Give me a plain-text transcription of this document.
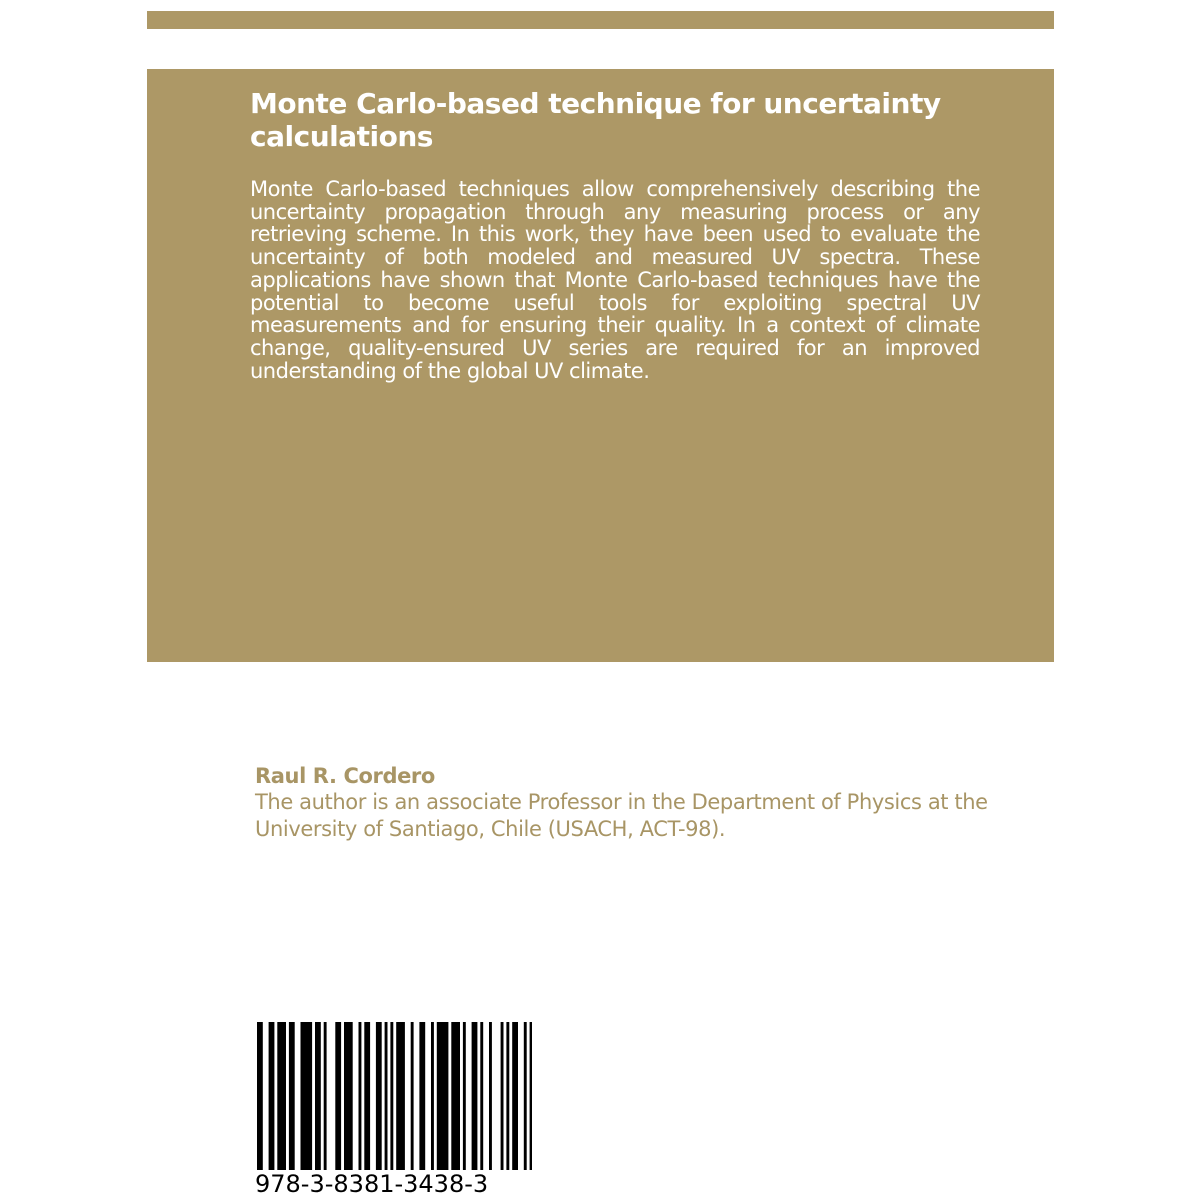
Monte Carlo-based technique for uncertainty calculations

Monte Carlo-based techniques allow comprehensively describing the uncertainty propagation through any measuring process or any retrieving scheme. In this work, they have been used to evaluate the uncertainty of both modeled and measured UV spectra. These applications have shown that Monte Carlo-based techniques have the potential to become useful tools for exploiting spectral UV measurements and for ensuring their quality. In a context of climate change, quality-ensured UV series are required for an improved understanding of the global UV climate.

Raul R. Cordero

The author is an associate Professor in the Department of Physics at the University of Santiago, Chile (USACH, ACT-98).

978-3-8381-3438-3
